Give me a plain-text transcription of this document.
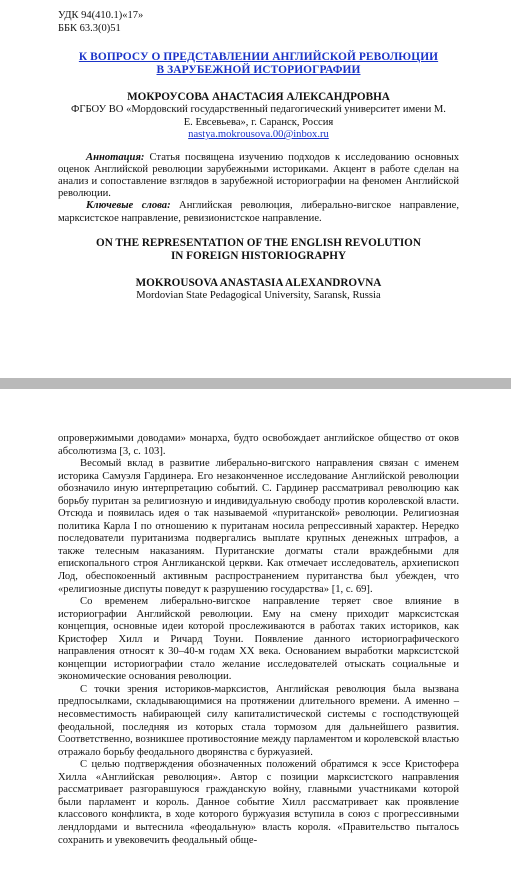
УДК 94(410.1)«17»
ББК 63.3(0)51
К ВОПРОСУ О ПРЕДСТАВЛЕНИИ АНГЛИЙСКОЙ РЕВОЛЮЦИИ
В ЗАРУБЕЖНОЙ ИСТОРИОГРАФИИ
МОКРОУСОВА АНАСТАСИЯ АЛЕКСАНДРОВНА
ФГБОУ ВО «Мордовский государственный педагогический университет имени М. Е. Евсевьева», г. Саранск, Россия
nastya.mokrousova.00@inbox.ru
Аннотация: Статья посвящена изучению подходов к исследованию основных оценок Английской революции зарубежными историками. Акцент в работе сделан на анализ и сопоставление взглядов в зарубежной историографии на феномен Английской революции.
Ключевые слова: Английская революция, либерально-вигское направление, марксистское направление, ревизионистское направление.
ON THE REPRESENTATION OF THE ENGLISH REVOLUTION
IN FOREIGN HISTORIOGRAPHY
MOKROUSOVA ANASTASIA ALEXANDROVNA
Mordovian State Pedagogical University, Saransk, Russia

опровержимыми доводами» монарха, будто освобождает английское общество от оков абсолютизма [3, с. 103].

Весомый вклад в развитие либерально-вигского направления связан с именем историка Самуэля Гардинера. Его незаконченное исследование Английской революции обозначило иную интерпретацию событий. С. Гардинер рассматривал революцию как борьбу пуритан за религиозную и индивидуальную свободу против королевской власти. Отсюда и появилась идея о так называемой «пуританской» революции. Религиозная политика Карла I по отношению к пуританам носила репрессивный характер. Нередко последователи пуританизма подвергались выплате крупных денежных штрафов, а также телесным наказаниям. Пуританские догматы стали враждебными для епископального строя Англиканской церкви. Как отмечает исследователь, архиепископ Лод, обеспокоенный активным распространением пуританства был убежден, что «религиозные диспуты поведут к разрушению государства» [1, с. 69].

Со временем либерально-вигское направление теряет свое влияние в историографии Английской революции. Ему на смену приходит марксистская концепция, основные идеи которой прослеживаются в работах таких историков, как Кристофер Хилл и Ричард Тоуни. Появление данного историографического направления относят к 30–40-м годам XX века. Основанием выработки марксистской концепции историографии стало желание исследователей отыскать социальные и экономические основания революции.

С точки зрения историков-марксистов, Английская революция была вызвана предпосылками, складывающимися на протяжении длительного времени. А именно – несовместимость набирающей силу капиталистической системы с господствующей феодальной, последняя из которых стала тормозом для дальнейшего развития. Соответственно, возникшее противостояние между парламентом и королевской властью отражало борьбу феодального дворянства с буржуазией.

С целью подтверждения обозначенных положений обратимся к эссе Кристофера Хилла «Английская революция». Автор с позиции марксистского направления рассматривает разгоравшуюся гражданскую войну, главными участниками которой были парламент и король. Данное событие Хилл рассматривает как проявление классового конфликта, в ходе которого буржуазия вступила в союз с прогрессивными лендлордами и вытеснила «феодальную» власть короля. «Правительство пыталось сохранить и увековечить феодальный обще-
